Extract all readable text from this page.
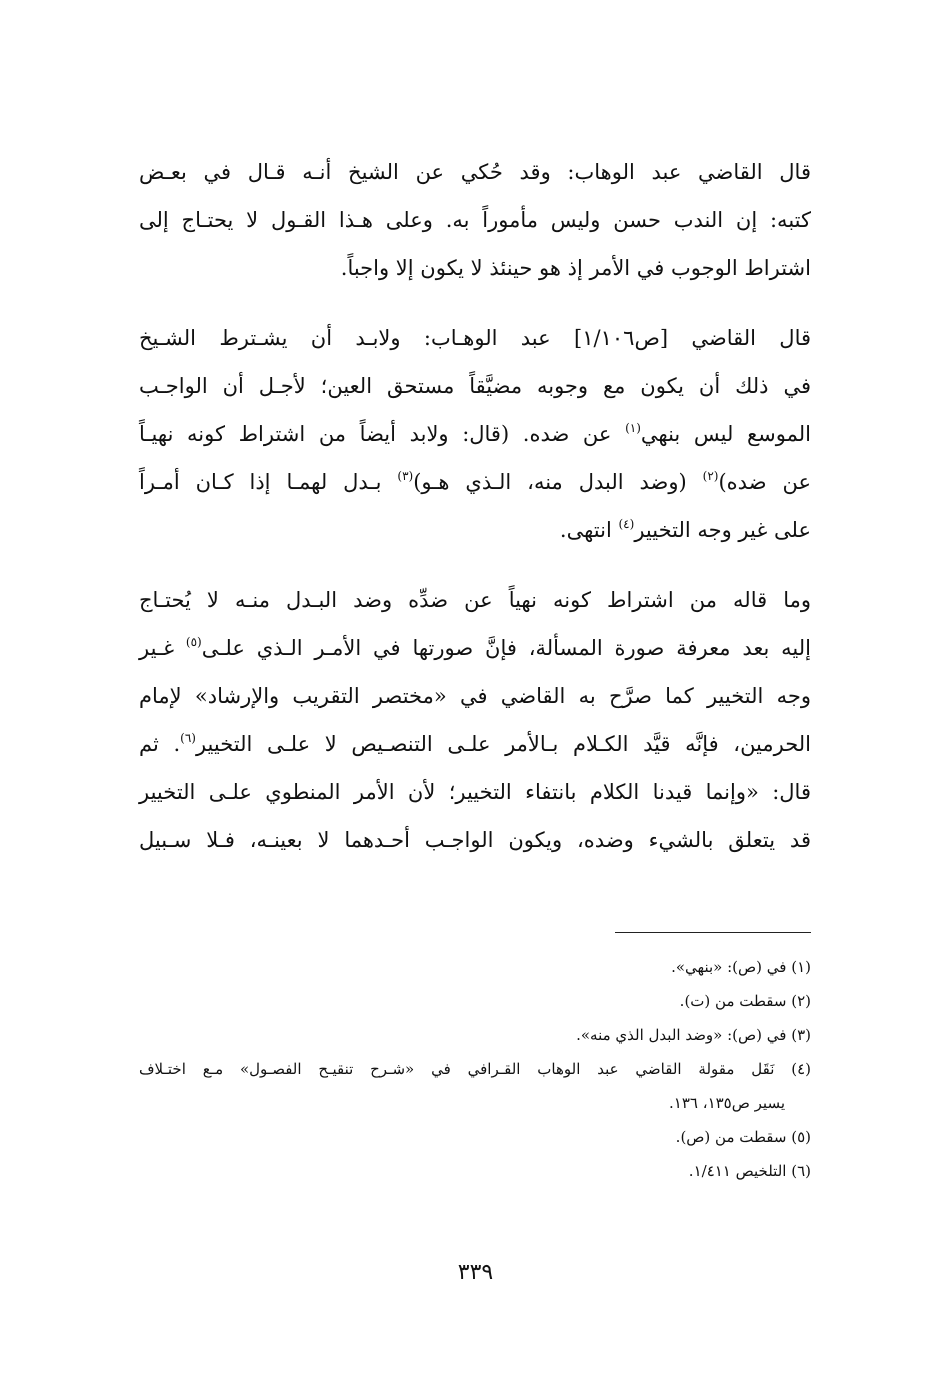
قال القاضي عبد الوهاب: وقد حُكي عن الشيخ أنـه قـال في بعـض
كتبه: إن الندب حسن وليس مأموراً به. وعلى هـذا القـول لا يحتـاج إلى
اشتراط الوجوب في الأمر إذ هو حينئذ لا يكون إلا واجباً.
قال القاضي [ص١/١٠٦] عبد الوهـاب: ولابـد أن يشـترط الشـيخ
في ذلك أن يكون مع وجوبه مضيَّقاً مستحق العين؛ لأجـل أن الواجـب
الموسع ليس بنهي$^{(١)}$ عن ضده. (قال: ولابد أيضاً من اشتراط كونه نهيـاً
عن ضده)$^{(٢)}$ (وضد البدل منه، الـذي هـو)$^{(٣)}$ بـدل لهمـا إذا كـان أمـراً
على غير وجه التخيير$^{(٤)}$ انتهى.
وما قاله من اشتراط كونه نهياً عن ضدِّه وضد البـدل منـه لا يُحتـاج
إليه بعد معرفة صورة المسألة، فإنَّ صورتها في الأمـر الـذي علـى$^{(٥)}$ غـير
وجه التخيير كما صرَّح به القاضي في «مختصر التقريب والإرشاد» لإمام
الحرمين، فإنَّه قيَّد الكـلام بـالأمر علـى التنصـيص لا علـى التخيير$^{(٦)}$. ثم
قال: «وإنما قيدنا الكلام بانتفاء التخيير؛ لأن الأمر المنطوي علـى التخيير
قد يتعلق بالشيء وضده، ويكون الواجـب أحـدهما لا بعينـه، فـلا سـبيل
(١) في (ص): «بنهي».
(٢) سقطت من (ت).
(٣) في (ص): «وضد البدل الذي منه».
(٤) نَقَل مقولة القاضي عبد الوهاب القـرافي في «شـرح تنقيـح الفصـول» مـع اختـلاف
يسير ص١٣٥، ١٣٦.
(٥) سقطت من (ص).
(٦) التلخيص ١/٤١١.
٣٣٩
